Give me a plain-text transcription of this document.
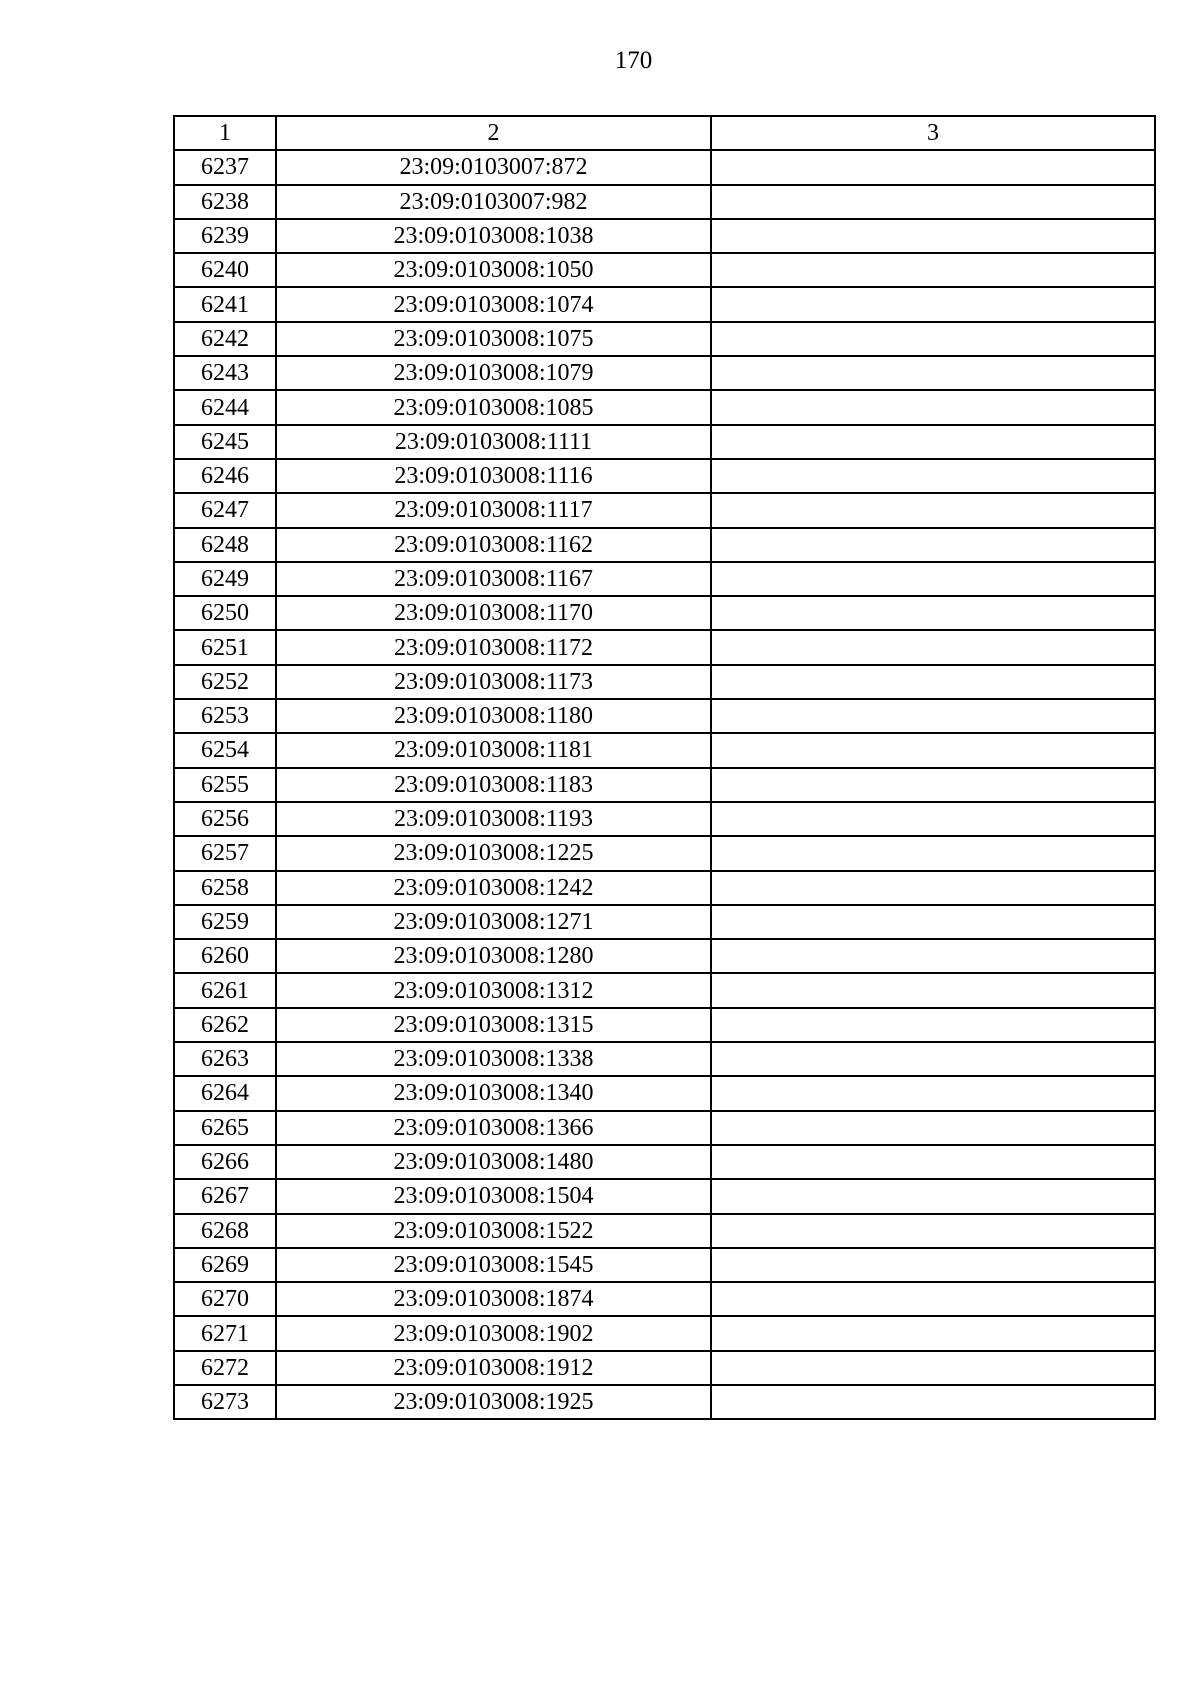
170
1	2	3
6237	23:09:0103007:872	
6238	23:09:0103007:982	
6239	23:09:0103008:1038	
6240	23:09:0103008:1050	
6241	23:09:0103008:1074	
6242	23:09:0103008:1075	
6243	23:09:0103008:1079	
6244	23:09:0103008:1085	
6245	23:09:0103008:1111	
6246	23:09:0103008:1116	
6247	23:09:0103008:1117	
6248	23:09:0103008:1162	
6249	23:09:0103008:1167	
6250	23:09:0103008:1170	
6251	23:09:0103008:1172	
6252	23:09:0103008:1173	
6253	23:09:0103008:1180	
6254	23:09:0103008:1181	
6255	23:09:0103008:1183	
6256	23:09:0103008:1193	
6257	23:09:0103008:1225	
6258	23:09:0103008:1242	
6259	23:09:0103008:1271	
6260	23:09:0103008:1280	
6261	23:09:0103008:1312	
6262	23:09:0103008:1315	
6263	23:09:0103008:1338	
6264	23:09:0103008:1340	
6265	23:09:0103008:1366	
6266	23:09:0103008:1480	
6267	23:09:0103008:1504	
6268	23:09:0103008:1522	
6269	23:09:0103008:1545	
6270	23:09:0103008:1874	
6271	23:09:0103008:1902	
6272	23:09:0103008:1912	
6273	23:09:0103008:1925	
